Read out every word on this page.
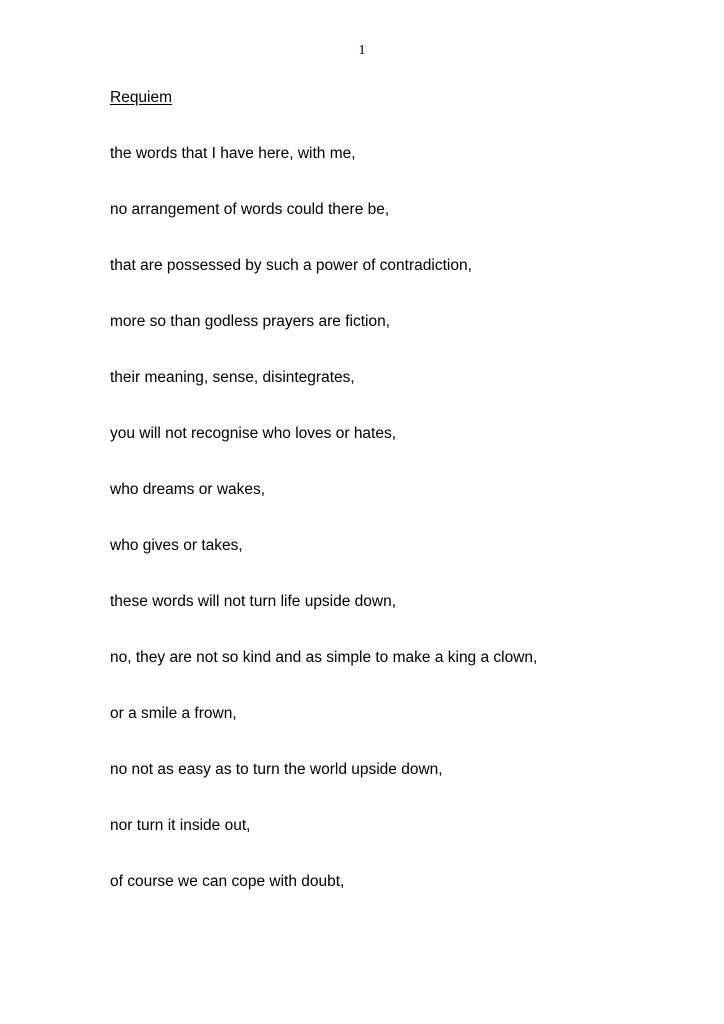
1
Requiem
the words that I have here, with me,
no arrangement of words could there be,
that are possessed by such a power of contradiction,
more so than godless prayers are fiction,
their meaning, sense, disintegrates,
you will not recognise who loves or hates,
who dreams or wakes,
who gives or takes,
these words will not turn life upside down,
no, they are not so kind and as simple to make a king a clown,
or a smile a frown,
no not as easy as to turn the world upside down,
nor turn it inside out,
of course we can cope with doubt,
